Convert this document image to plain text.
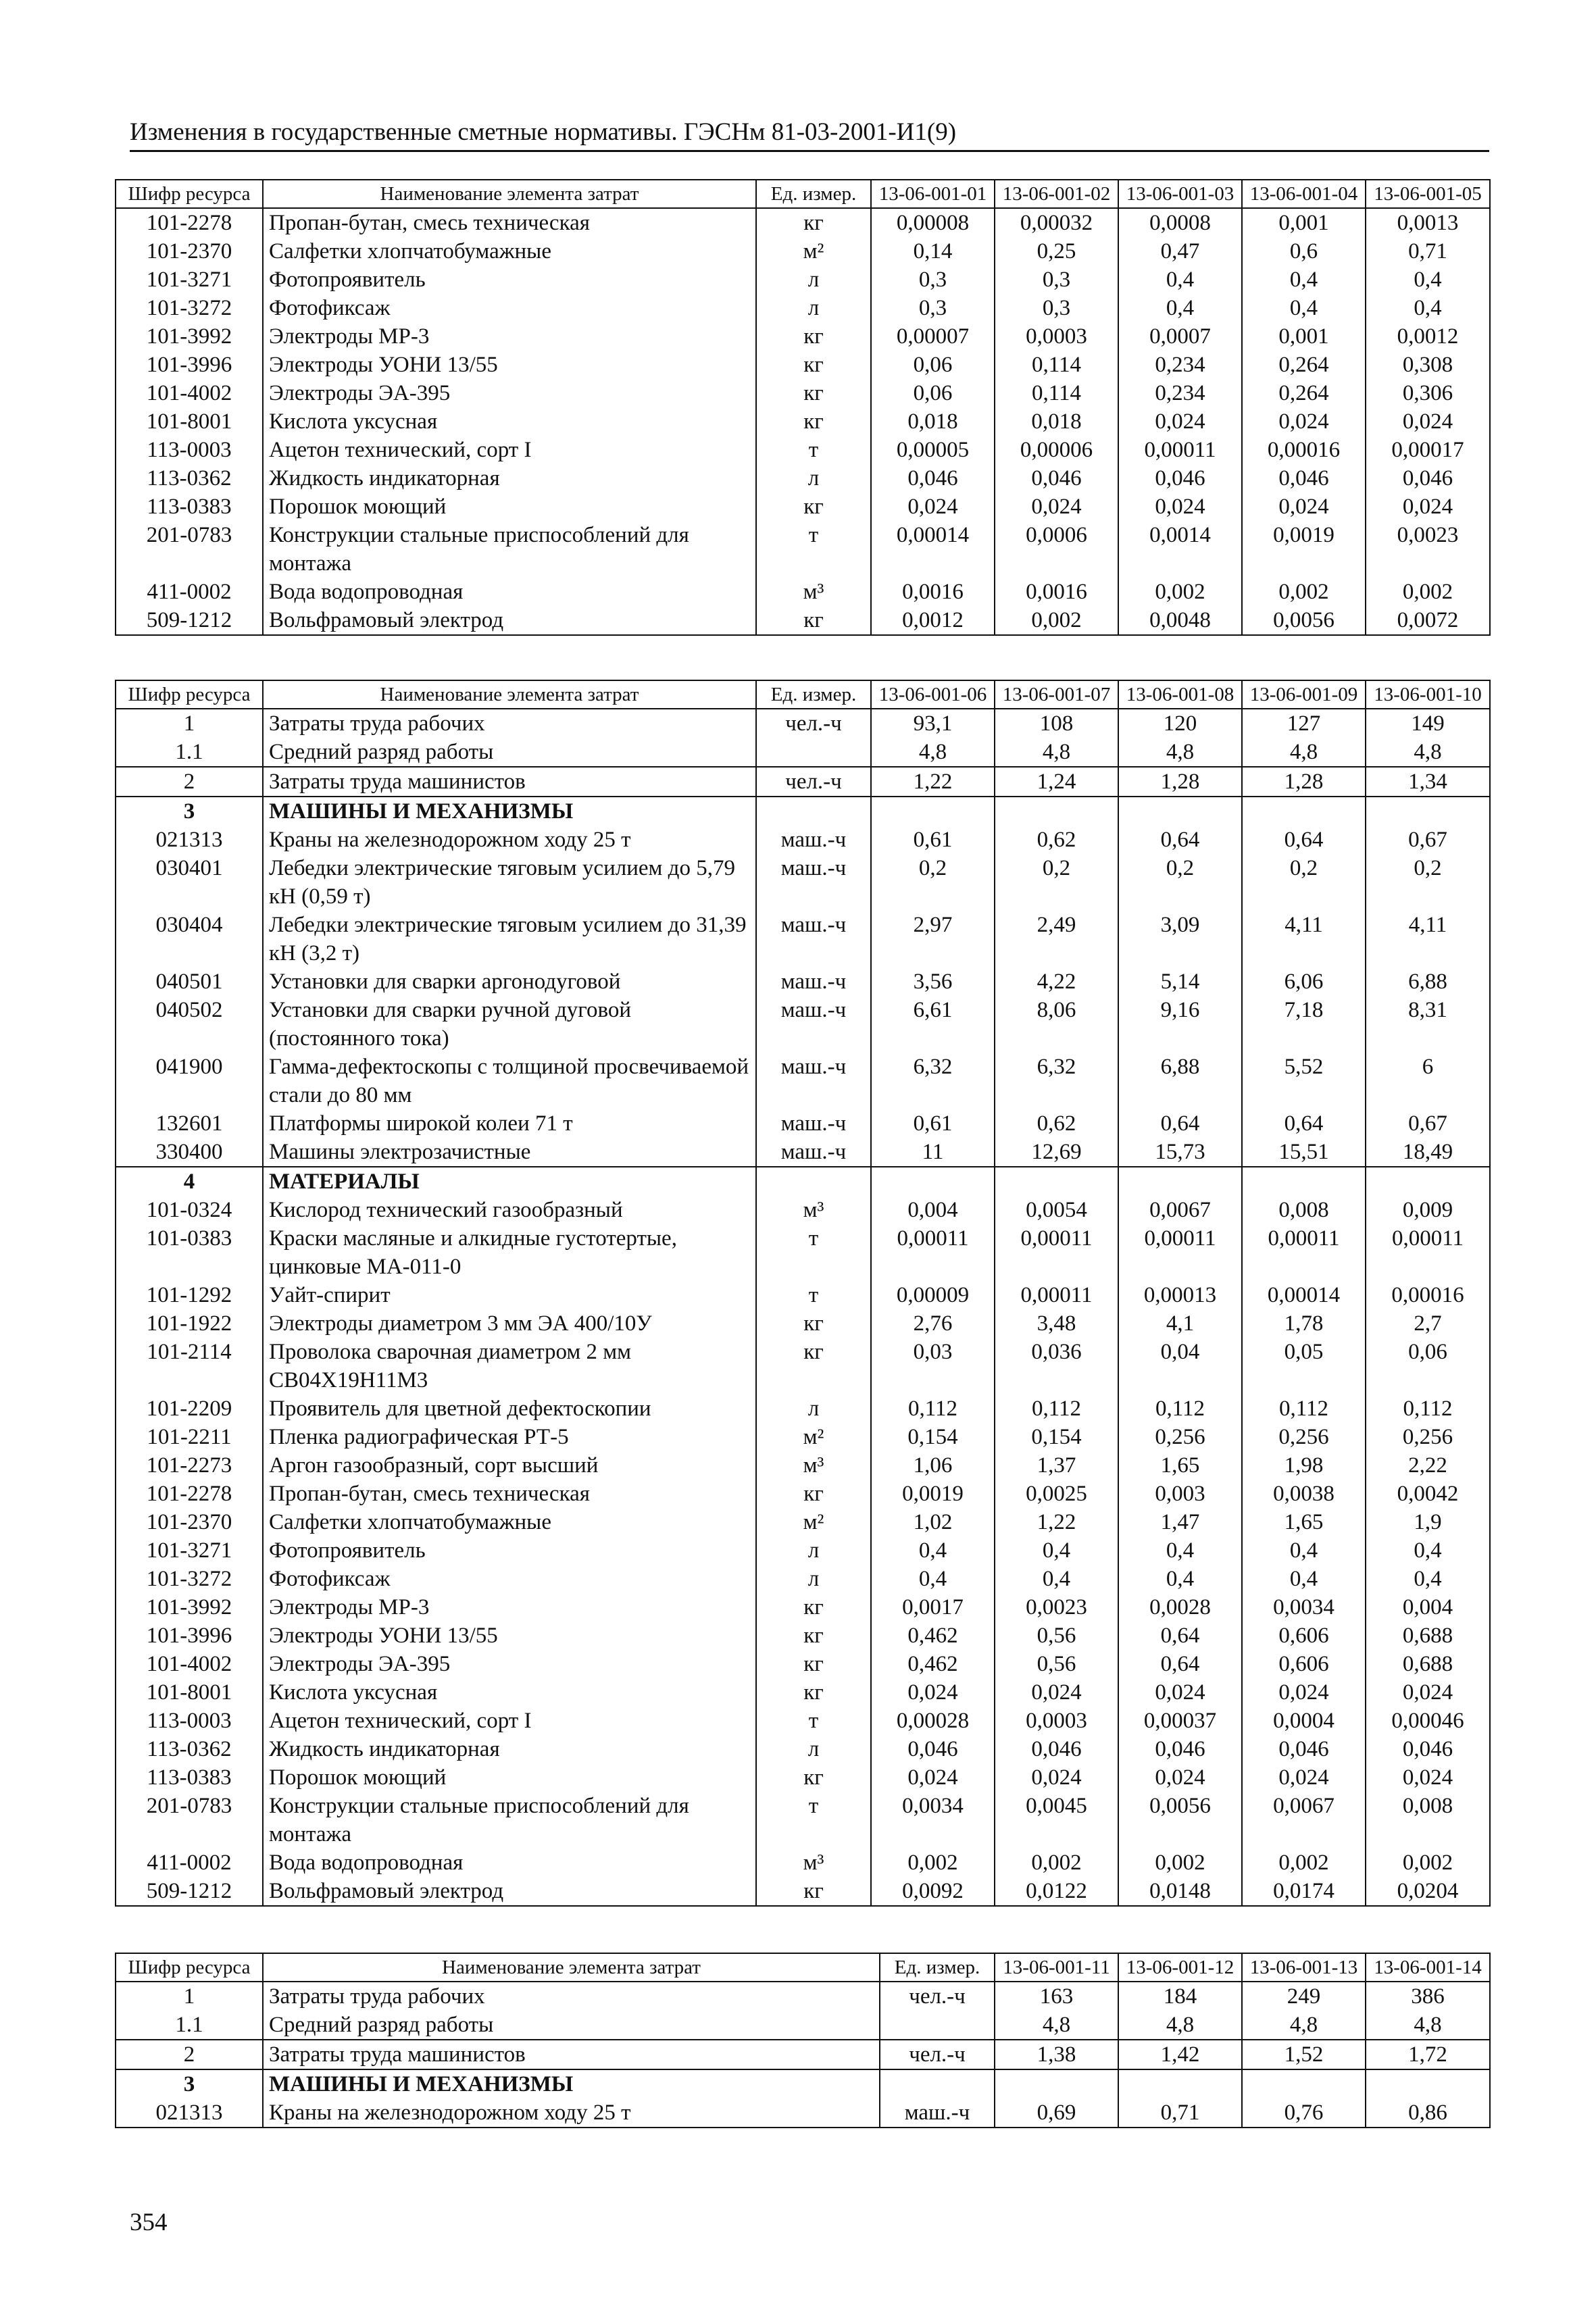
Изменения в государственные сметные нормативы. ГЭСНм 81-03-2001-И1(9)
Шифр ресурса	Наименование элемента затрат	Ед. измер.	13-06-001-01	13-06-001-02	13-06-001-03	13-06-001-04	13-06-001-05
101-2278	Пропан-бутан, смесь техническая	кг	0,00008	0,00032	0,0008	0,001	0,0013
101-2370	Салфетки хлопчатобумажные	м²	0,14	0,25	0,47	0,6	0,71
101-3271	Фотопроявитель	л	0,3	0,3	0,4	0,4	0,4
101-3272	Фотофиксаж	л	0,3	0,3	0,4	0,4	0,4
101-3992	Электроды МР-3	кг	0,00007	0,0003	0,0007	0,001	0,0012
101-3996	Электроды УОНИ 13/55	кг	0,06	0,114	0,234	0,264	0,308
101-4002	Электроды ЭА-395	кг	0,06	0,114	0,234	0,264	0,306
101-8001	Кислота уксусная	кг	0,018	0,018	0,024	0,024	0,024
113-0003	Ацетон технический, сорт I	т	0,00005	0,00006	0,00011	0,00016	0,00017
113-0362	Жидкость индикаторная	л	0,046	0,046	0,046	0,046	0,046
113-0383	Порошок моющий	кг	0,024	0,024	0,024	0,024	0,024
201-0783	Конструкции стальные приспособлений для монтажа	т	0,00014	0,0006	0,0014	0,0019	0,0023
411-0002	Вода водопроводная	м³	0,0016	0,0016	0,002	0,002	0,002
509-1212	Вольфрамовый электрод	кг	0,0012	0,002	0,0048	0,0056	0,0072
Шифр ресурса	Наименование элемента затрат	Ед. измер.	13-06-001-06	13-06-001-07	13-06-001-08	13-06-001-09	13-06-001-10
1	Затраты труда рабочих	чел.-ч	93,1	108	120	127	149
1.1	Средний разряд работы		4,8	4,8	4,8	4,8	4,8
2	Затраты труда машинистов	чел.-ч	1,22	1,24	1,28	1,28	1,34
3	МАШИНЫ И МЕХАНИЗМЫ						
021313	Краны на железнодорожном ходу 25 т	маш.-ч	0,61	0,62	0,64	0,64	0,67
030401	Лебедки электрические тяговым усилием до 5,79 кН (0,59 т)	маш.-ч	0,2	0,2	0,2	0,2	0,2
030404	Лебедки электрические тяговым усилием до 31,39 кН (3,2 т)	маш.-ч	2,97	2,49	3,09	4,11	4,11
040501	Установки для сварки аргонодуговой	маш.-ч	3,56	4,22	5,14	6,06	6,88
040502	Установки для сварки ручной дуговой (постоянного тока)	маш.-ч	6,61	8,06	9,16	7,18	8,31
041900	Гамма-дефектоскопы с толщиной просвечиваемой стали до 80 мм	маш.-ч	6,32	6,32	6,88	5,52	6
132601	Платформы широкой колеи 71 т	маш.-ч	0,61	0,62	0,64	0,64	0,67
330400	Машины электрозачистные	маш.-ч	11	12,69	15,73	15,51	18,49
4	МАТЕРИАЛЫ						
101-0324	Кислород технический газообразный	м³	0,004	0,0054	0,0067	0,008	0,009
101-0383	Краски масляные и алкидные густотертые, цинковые МА-011-0	т	0,00011	0,00011	0,00011	0,00011	0,00011
101-1292	Уайт-спирит	т	0,00009	0,00011	0,00013	0,00014	0,00016
101-1922	Электроды диаметром 3 мм ЭА 400/10У	кг	2,76	3,48	4,1	1,78	2,7
101-2114	Проволока сварочная диаметром 2 мм СВ04Х19Н11М3	кг	0,03	0,036	0,04	0,05	0,06
101-2209	Проявитель для цветной дефектоскопии	л	0,112	0,112	0,112	0,112	0,112
101-2211	Пленка радиографическая РТ-5	м²	0,154	0,154	0,256	0,256	0,256
101-2273	Аргон газообразный, сорт высший	м³	1,06	1,37	1,65	1,98	2,22
101-2278	Пропан-бутан, смесь техническая	кг	0,0019	0,0025	0,003	0,0038	0,0042
101-2370	Салфетки хлопчатобумажные	м²	1,02	1,22	1,47	1,65	1,9
101-3271	Фотопроявитель	л	0,4	0,4	0,4	0,4	0,4
101-3272	Фотофиксаж	л	0,4	0,4	0,4	0,4	0,4
101-3992	Электроды МР-3	кг	0,0017	0,0023	0,0028	0,0034	0,004
101-3996	Электроды УОНИ 13/55	кг	0,462	0,56	0,64	0,606	0,688
101-4002	Электроды ЭА-395	кг	0,462	0,56	0,64	0,606	0,688
101-8001	Кислота уксусная	кг	0,024	0,024	0,024	0,024	0,024
113-0003	Ацетон технический, сорт I	т	0,00028	0,0003	0,00037	0,0004	0,00046
113-0362	Жидкость индикаторная	л	0,046	0,046	0,046	0,046	0,046
113-0383	Порошок моющий	кг	0,024	0,024	0,024	0,024	0,024
201-0783	Конструкции стальные приспособлений для монтажа	т	0,0034	0,0045	0,0056	0,0067	0,008
411-0002	Вода водопроводная	м³	0,002	0,002	0,002	0,002	0,002
509-1212	Вольфрамовый электрод	кг	0,0092	0,0122	0,0148	0,0174	0,0204
Шифр ресурса	Наименование элемента затрат	Ед. измер.	13-06-001-11	13-06-001-12	13-06-001-13	13-06-001-14
1	Затраты труда рабочих	чел.-ч	163	184	249	386
1.1	Средний разряд работы		4,8	4,8	4,8	4,8
2	Затраты труда машинистов	чел.-ч	1,38	1,42	1,52	1,72
3	МАШИНЫ И МЕХАНИЗМЫ					
021313	Краны на железнодорожном ходу 25 т	маш.-ч	0,69	0,71	0,76	0,86
354
